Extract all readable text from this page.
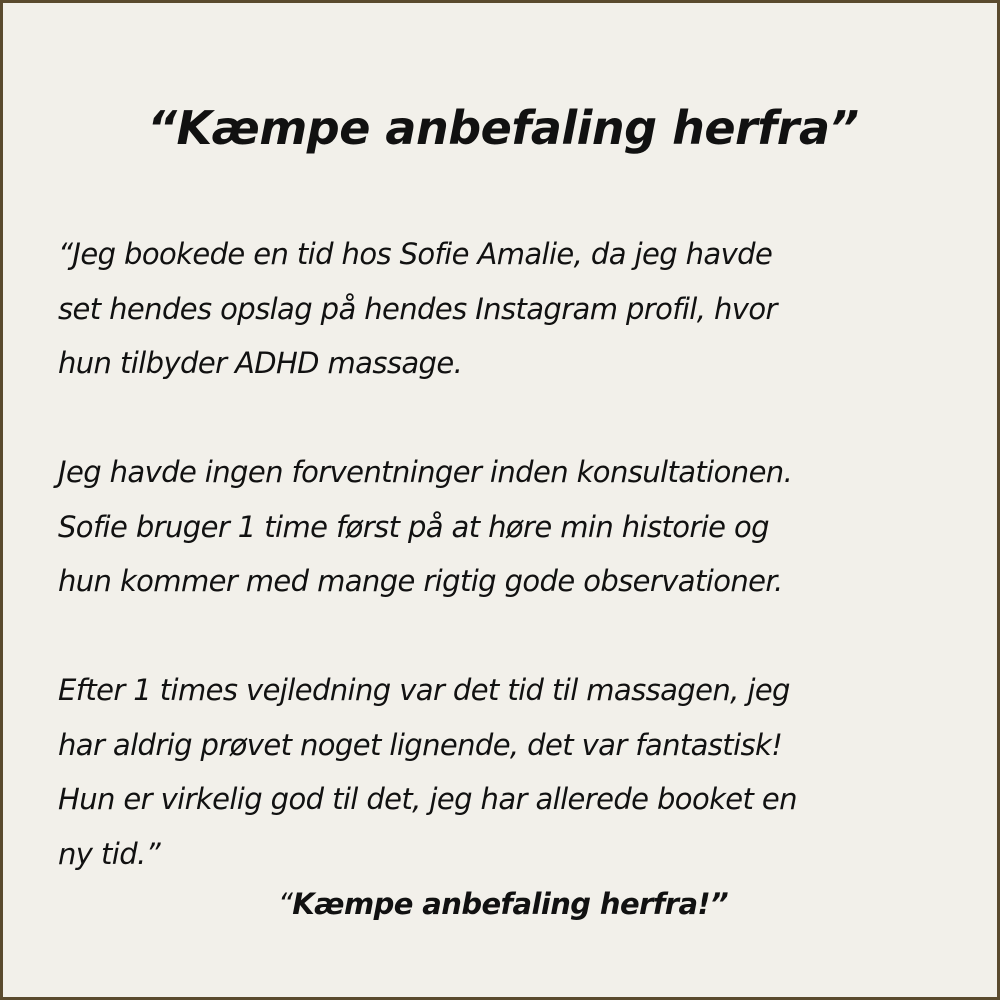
“Kæmpe anbefaling herfra”

“Jeg bookede en tid hos Sofie Amalie, da jeg havde
set hendes opslag på hendes Instagram profil, hvor
hun tilbyder ADHD massage.

Jeg havde ingen forventninger inden konsultationen.
Sofie bruger 1 time først på at høre min historie og
hun kommer med mange rigtig gode observationer.

Efter 1 times vejledning var det tid til massagen, jeg
har aldrig prøvet noget lignende, det var fantastisk!
Hun er virkelig god til det, jeg har allerede booket en
ny tid.”

“Kæmpe anbefaling herfra!”
